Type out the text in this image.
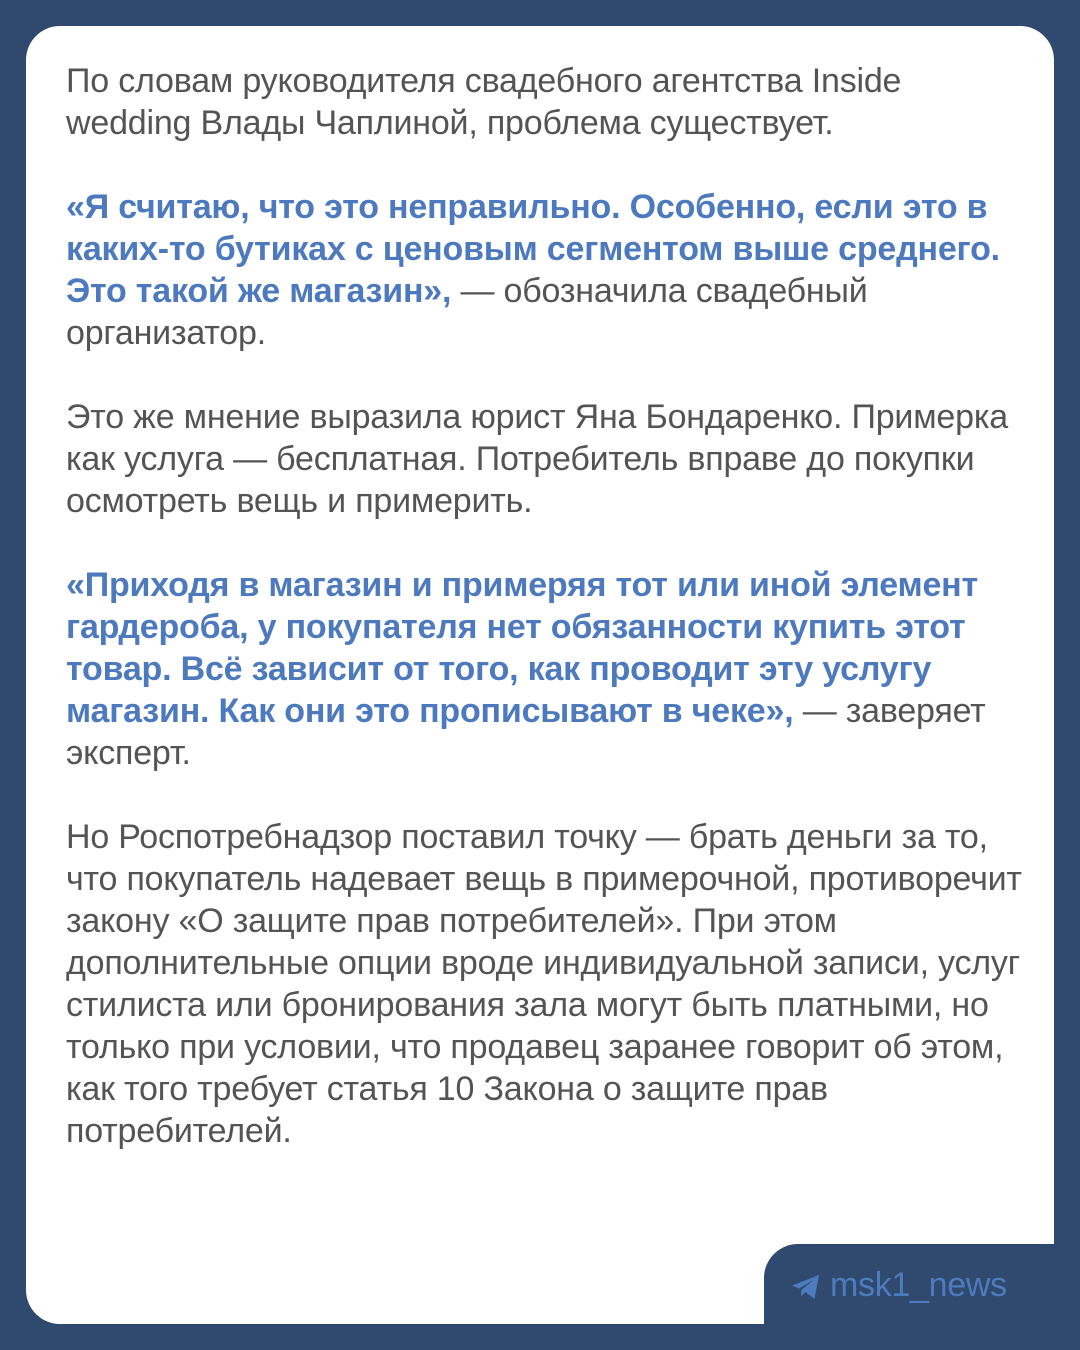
По словам руководителя свадебного агентства Inside wedding Влады Чаплиной, проблема существует.

«Я считаю, что это неправильно. Особенно, если это в каких-то бутиках с ценовым сегментом выше среднего. Это такой же магазин», — обозначила свадебный организатор.

Это же мнение выразила юрист Яна Бондаренко. Примерка как услуга — бесплатная. Потребитель вправе до покупки осмотреть вещь и примерить.

«Приходя в магазин и примеряя тот или иной элемент гардероба, у покупателя нет обязанности купить этот товар. Всё зависит от того, как проводит эту услугу магазин. Как они это прописывают в чеке», — заверяет эксперт.

Но Роспотребнадзор поставил точку — брать деньги за то, что покупатель надевает вещь в примерочной, противоречит закону «О защите прав потребителей». При этом дополнительные опции вроде индивидуальной записи, услуг стилиста или бронирования зала могут быть платными, но только при условии, что продавец заранее говорит об этом, как того требует статья 10 Закона о защите прав потребителей.

msk1_news
